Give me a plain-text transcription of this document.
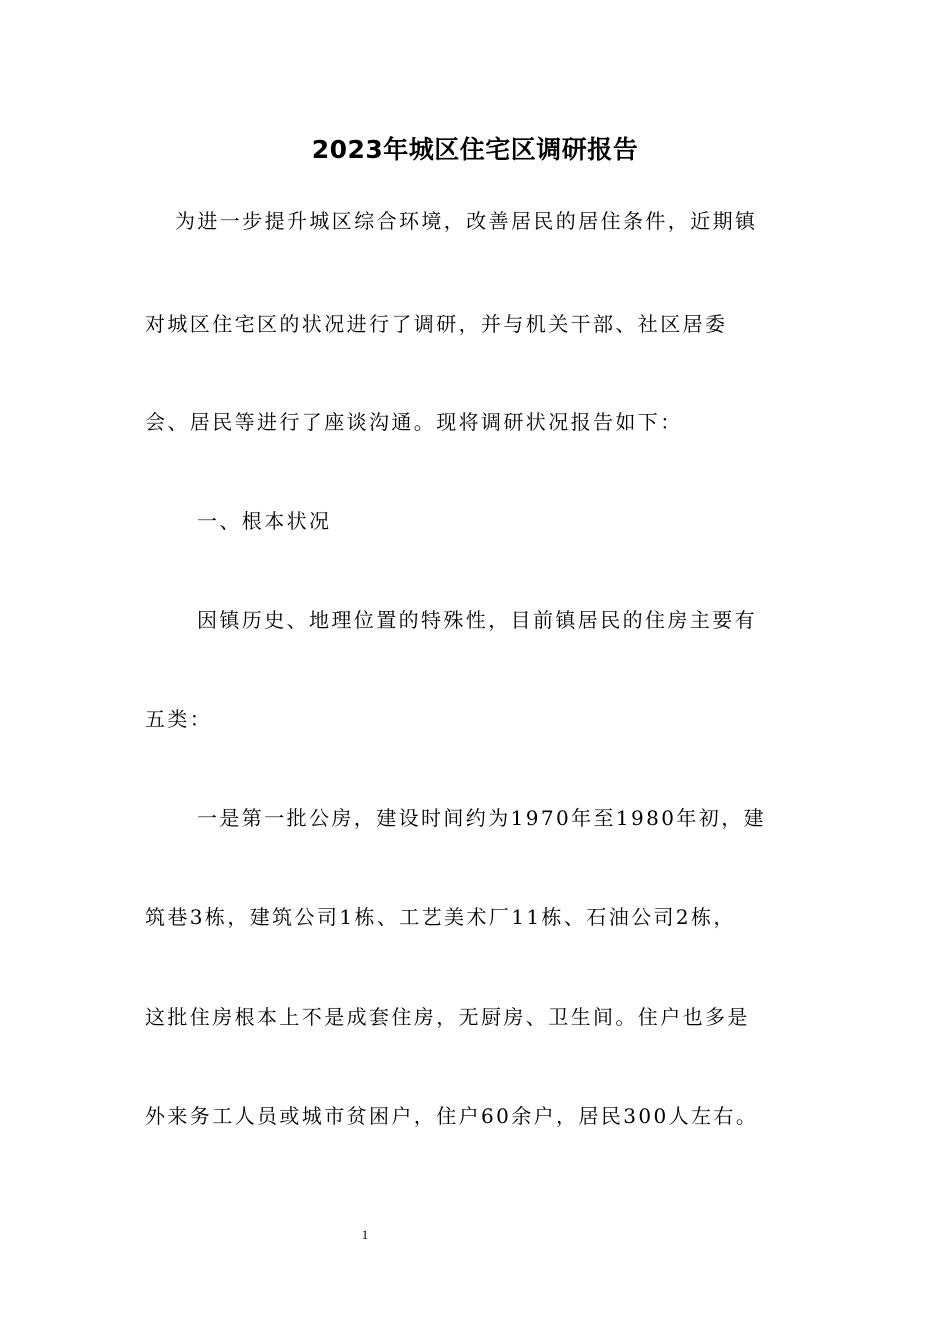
2023年城区住宅区调研报告
为进一步提升城区综合环境，改善居民的居住条件，近期镇
对城区住宅区的状况进行了调研，并与机关干部、社区居委
会、居民等进行了座谈沟通。现将调研状况报告如下：
一、根本状况
因镇历史、地理位置的特殊性，目前镇居民的住房主要有
五类：
一是第一批公房，建设时间约为1970年至1980年初，建
筑巷3栋，建筑公司1栋、工艺美术厂11栋、石油公司2栋，
这批住房根本上不是成套住房，无厨房、卫生间。住户也多是
外来务工人员或城市贫困户，住户60余户，居民300人左右。
1
